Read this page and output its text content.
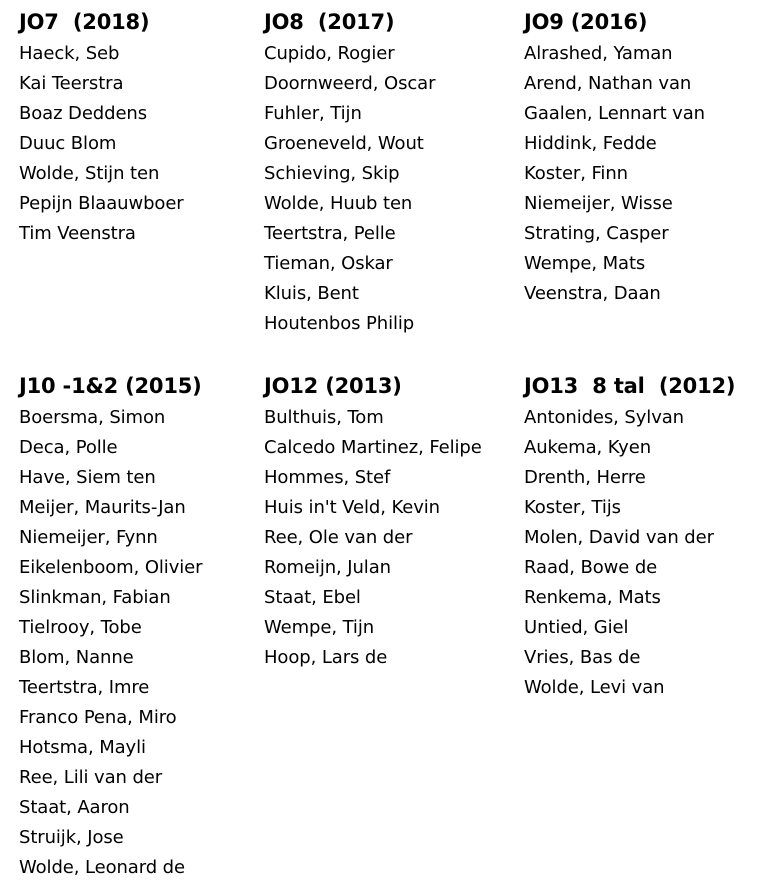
JO7  (2018)
Haeck, Seb
Kai Teerstra
Boaz Deddens
Duuc Blom
Wolde, Stijn ten
Pepijn Blaauwboer
Tim Veenstra
JO8  (2017)
Cupido, Rogier
Doornweerd, Oscar
Fuhler, Tijn
Groeneveld, Wout
Schieving, Skip
Wolde, Huub ten
Teertstra, Pelle
Tieman, Oskar
Kluis, Bent
Houtenbos Philip
JO9 (2016)
Alrashed, Yaman
Arend, Nathan van
Gaalen, Lennart van
Hiddink, Fedde
Koster, Finn
Niemeijer, Wisse
Strating, Casper
Wempe, Mats
Veenstra, Daan
J10 -1&2 (2015)
Boersma, Simon
Deca, Polle
Have, Siem ten
Meijer, Maurits-Jan
Niemeijer, Fynn
Eikelenboom, Olivier
Slinkman, Fabian
Tielrooy, Tobe
Blom, Nanne
Teertstra, Imre
Franco Pena, Miro
Hotsma, Mayli
Ree, Lili van der
Staat, Aaron
Struijk, Jose
Wolde, Leonard de
JO12 (2013)
Bulthuis, Tom
Calcedo Martinez, Felipe
Hommes, Stef
Huis in't Veld, Kevin
Ree, Ole van der
Romeijn, Julan
Staat, Ebel
Wempe, Tijn
Hoop, Lars de
JO13  8 tal  (2012)
Antonides, Sylvan
Aukema, Kyen
Drenth, Herre
Koster, Tijs
Molen, David van der
Raad, Bowe de
Renkema, Mats
Untied, Giel
Vries, Bas de
Wolde, Levi van
